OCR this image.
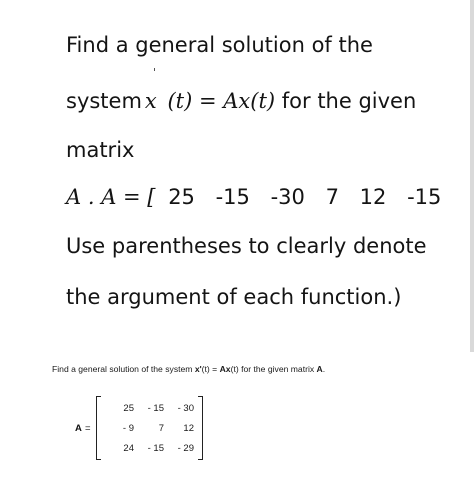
Find a general solution of the
'
system x (t) = Ax(t) for the given
matrix
A . A = [ 25 -15 -30 7 12 -15
Use parentheses to clearly denote
the argument of each function.)
Find a general solution of the system x'(t) = Ax(t) for the given matrix A.
A =
25	- 15	- 30
- 9	7	12
24	- 15	- 29
